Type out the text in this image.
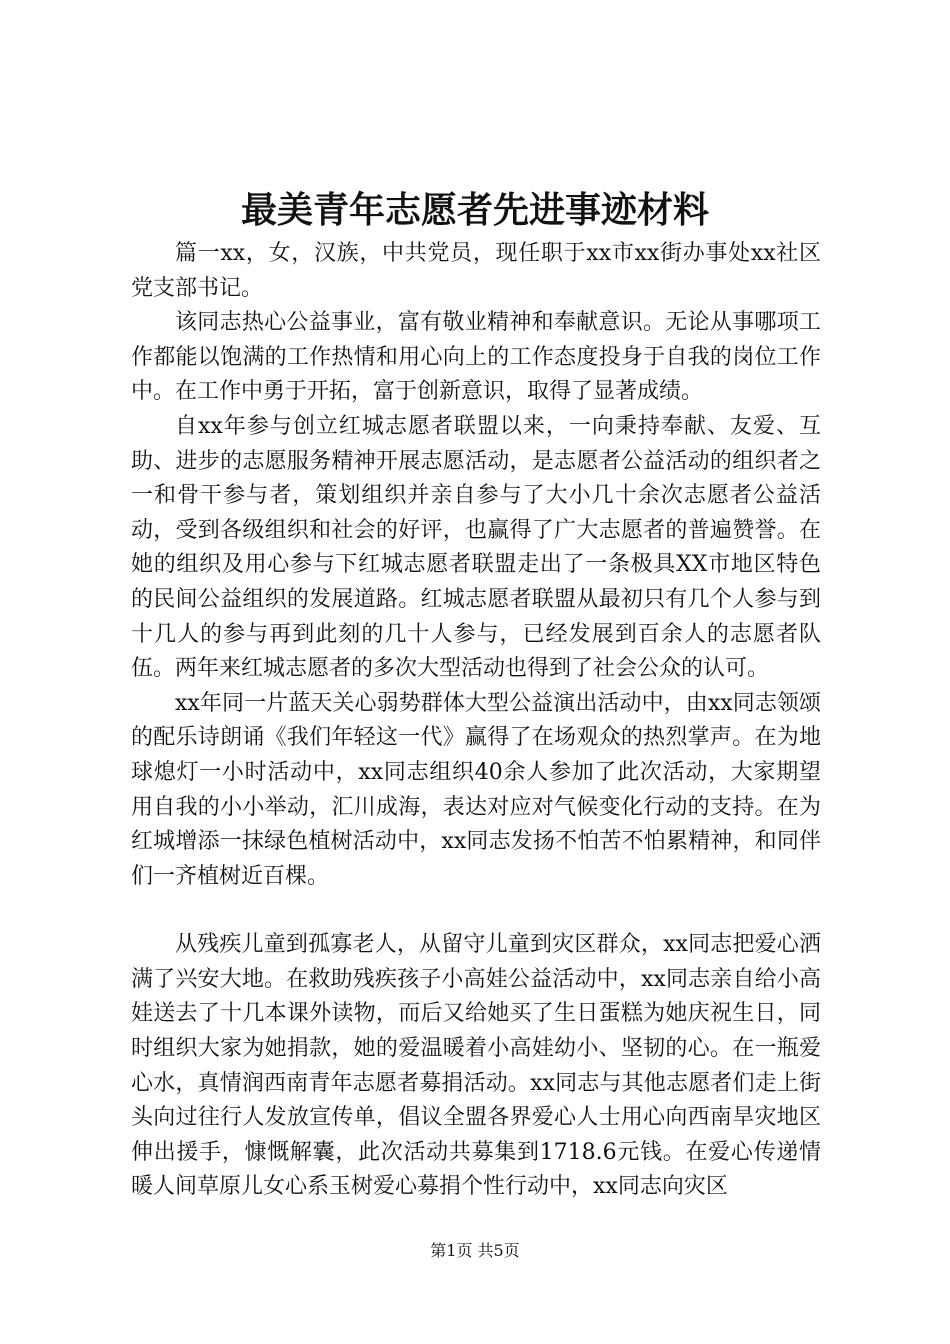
最美青年志愿者先进事迹材料

篇一xx，女，汉族，中共党员，现任职于xx市xx街办事处xx社区党支部书记。

该同志热心公益事业，富有敬业精神和奉献意识。无论从事哪项工作都能以饱满的工作热情和用心向上的工作态度投身于自我的岗位工作中。在工作中勇于开拓，富于创新意识，取得了显著成绩。

自xx年参与创立红城志愿者联盟以来，一向秉持奉献、友爱、互助、进步的志愿服务精神开展志愿活动，是志愿者公益活动的组织者之一和骨干参与者，策划组织并亲自参与了大小几十余次志愿者公益活动，受到各级组织和社会的好评，也赢得了广大志愿者的普遍赞誉。在她的组织及用心参与下红城志愿者联盟走出了一条极具XX市地区特色的民间公益组织的发展道路。红城志愿者联盟从最初只有几个人参与到十几人的参与再到此刻的几十人参与，已经发展到百余人的志愿者队伍。两年来红城志愿者的多次大型活动也得到了社会公众的认可。

xx年同一片蓝天关心弱势群体大型公益演出活动中，由xx同志领颂的配乐诗朗诵《我们年轻这一代》赢得了在场观众的热烈掌声。在为地球熄灯一小时活动中，xx同志组织40余人参加了此次活动，大家期望用自我的小小举动，汇川成海，表达对应对气候变化行动的支持。在为红城增添一抹绿色植树活动中，xx同志发扬不怕苦不怕累精神，和同伴们一齐植树近百棵。

从残疾儿童到孤寡老人，从留守儿童到灾区群众，xx同志把爱心洒满了兴安大地。在救助残疾孩子小高娃公益活动中，xx同志亲自给小高娃送去了十几本课外读物，而后又给她买了生日蛋糕为她庆祝生日，同时组织大家为她捐款，她的爱温暖着小高娃幼小、坚韧的心。在一瓶爱心水，真情润西南青年志愿者募捐活动。xx同志与其他志愿者们走上街头向过往行人发放宣传单，倡议全盟各界爱心人士用心向西南旱灾地区伸出援手，慷慨解囊，此次活动共募集到1718.6元钱。在爱心传递情暖人间草原儿女心系玉树爱心募捐个性行动中，xx同志向灾区

第1页 共5页
